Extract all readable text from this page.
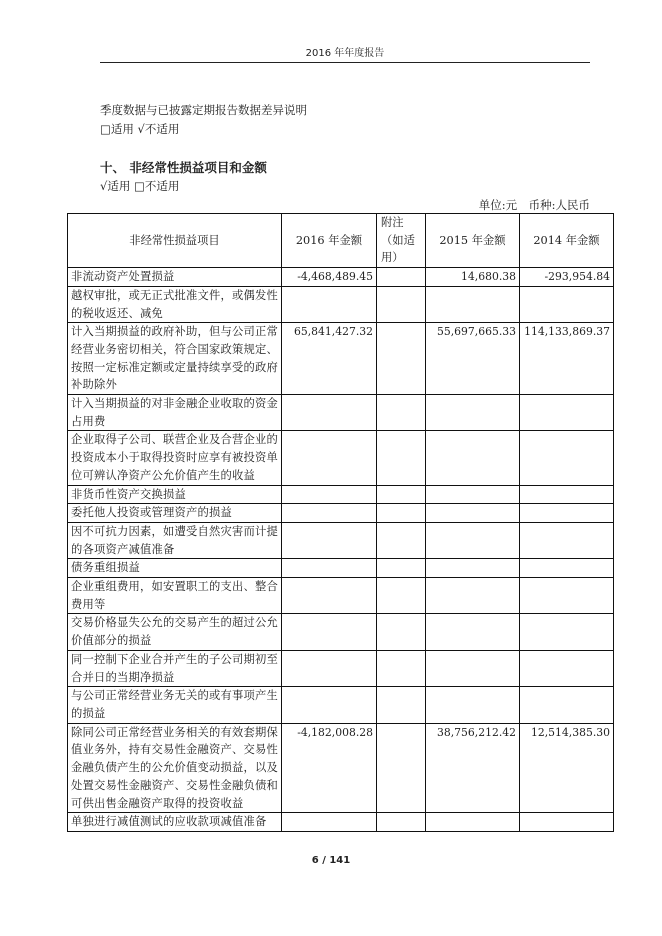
2016 年年度报告
季度数据与已披露定期报告数据差异说明
□适用 √不适用
十、 非经常性损益项目和金额
√适用 □不适用
单位:元　币种:人民币
非经常性损益项目	2016 年金额	附注（如适用）	2015 年金额	2014 年金额
非流动资产处置损益	-4,468,489.45		14,680.38	-293,954.84
越权审批，或无正式批准文件，或偶发性的税收返还、减免				
计入当期损益的政府补助，但与公司正常经营业务密切相关，符合国家政策规定、按照一定标准定额或定量持续享受的政府补助除外	65,841,427.32		55,697,665.33	114,133,869.37
计入当期损益的对非金融企业收取的资金占用费				
企业取得子公司、联营企业及合营企业的投资成本小于取得投资时应享有被投资单位可辨认净资产公允价值产生的收益				
非货币性资产交换损益				
委托他人投资或管理资产的损益				
因不可抗力因素，如遭受自然灾害而计提的各项资产减值准备				
债务重组损益				
企业重组费用，如安置职工的支出、整合费用等				
交易价格显失公允的交易产生的超过公允价值部分的损益				
同一控制下企业合并产生的子公司期初至合并日的当期净损益				
与公司正常经营业务无关的或有事项产生的损益				
除同公司正常经营业务相关的有效套期保值业务外，持有交易性金融资产、交易性金融负债产生的公允价值变动损益，以及处置交易性金融资产、交易性金融负债和可供出售金融资产取得的投资收益	-4,182,008.28		38,756,212.42	12,514,385.30
单独进行减值测试的应收款项减值准备				
6 / 141
